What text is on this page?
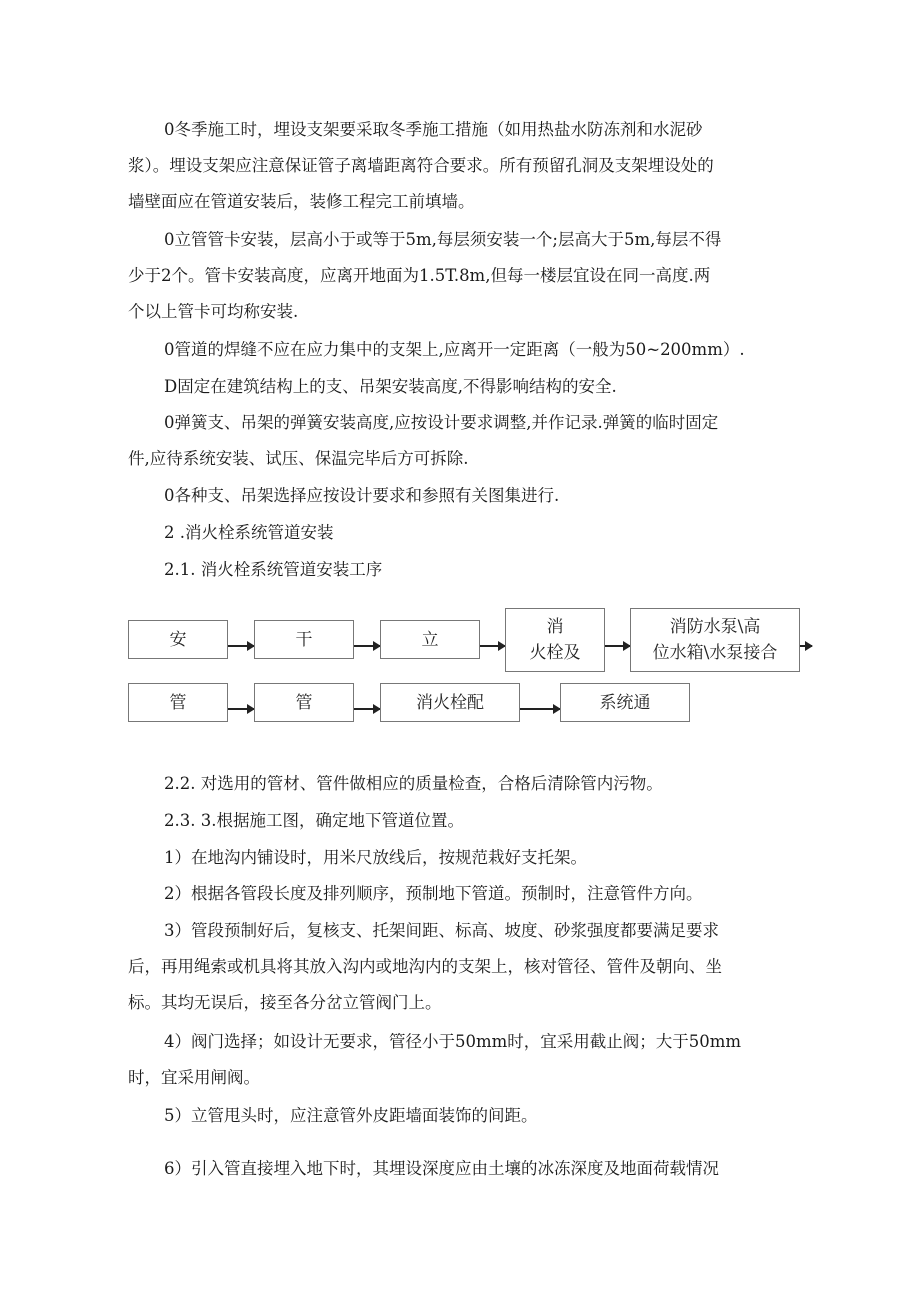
0冬季施工时，埋设支架要采取冬季施工措施（如用热盐水防冻剂和水泥砂
浆）。埋设支架应注意保证管子离墙距离符合要求。所有预留孔洞及支架埋设处的
墙壁面应在管道安装后，装修工程完工前填墙。
0立管管卡安装，层高小于或等于5m,每层须安装一个;层高大于5m,每层不得
少于2个。管卡安装高度，应离开地面为1.5T.8m,但每一楼层宜设在同一高度.两
个以上管卡可均称安装.

0管道的焊缝不应在应力集中的支架上,应离开一定距离（一般为50~200mm）.

D固定在建筑结构上的支、吊架安装高度,不得影响结构的安全.

0弹簧支、吊架的弹簧安装高度,应按设计要求调整,并作记录.弹簧的临时固定
件,应待系统安装、试压、保温完毕后方可拆除.

0各种支、吊架选择应按设计要求和参照有关图集进行.

2 .消火栓系统管道安装

2.1. 消火栓系统管道安装工序

安	干	立
消
火栓及
消防水泵\高
位水箱\水泵接合
管	管	消火栓配	系统通

2.2. 对选用的管材、管件做相应的质量检查，合格后清除管内污物。

2.3. 3.根据施工图，确定地下管道位置。

1）在地沟内铺设时，用米尺放线后，按规范栽好支托架。

2）根据各管段长度及排列顺序，预制地下管道。预制时，注意管件方向。

3）管段预制好后，复核支、托架间距、标高、坡度、砂浆强度都要满足要求
后，再用绳索或机具将其放入沟内或地沟内的支架上，核对管径、管件及朝向、坐
标。其均无误后，接至各分岔立管阀门上。
4）阀门选择；如设计无要求，管径小于50mm时，宜采用截止阀；大于50mm
时，宜采用闸阀。

5）立管甩头时，应注意管外皮距墙面装饰的间距。

6）引入管直接埋入地下时，其埋设深度应由土壤的冰冻深度及地面荷载情况
